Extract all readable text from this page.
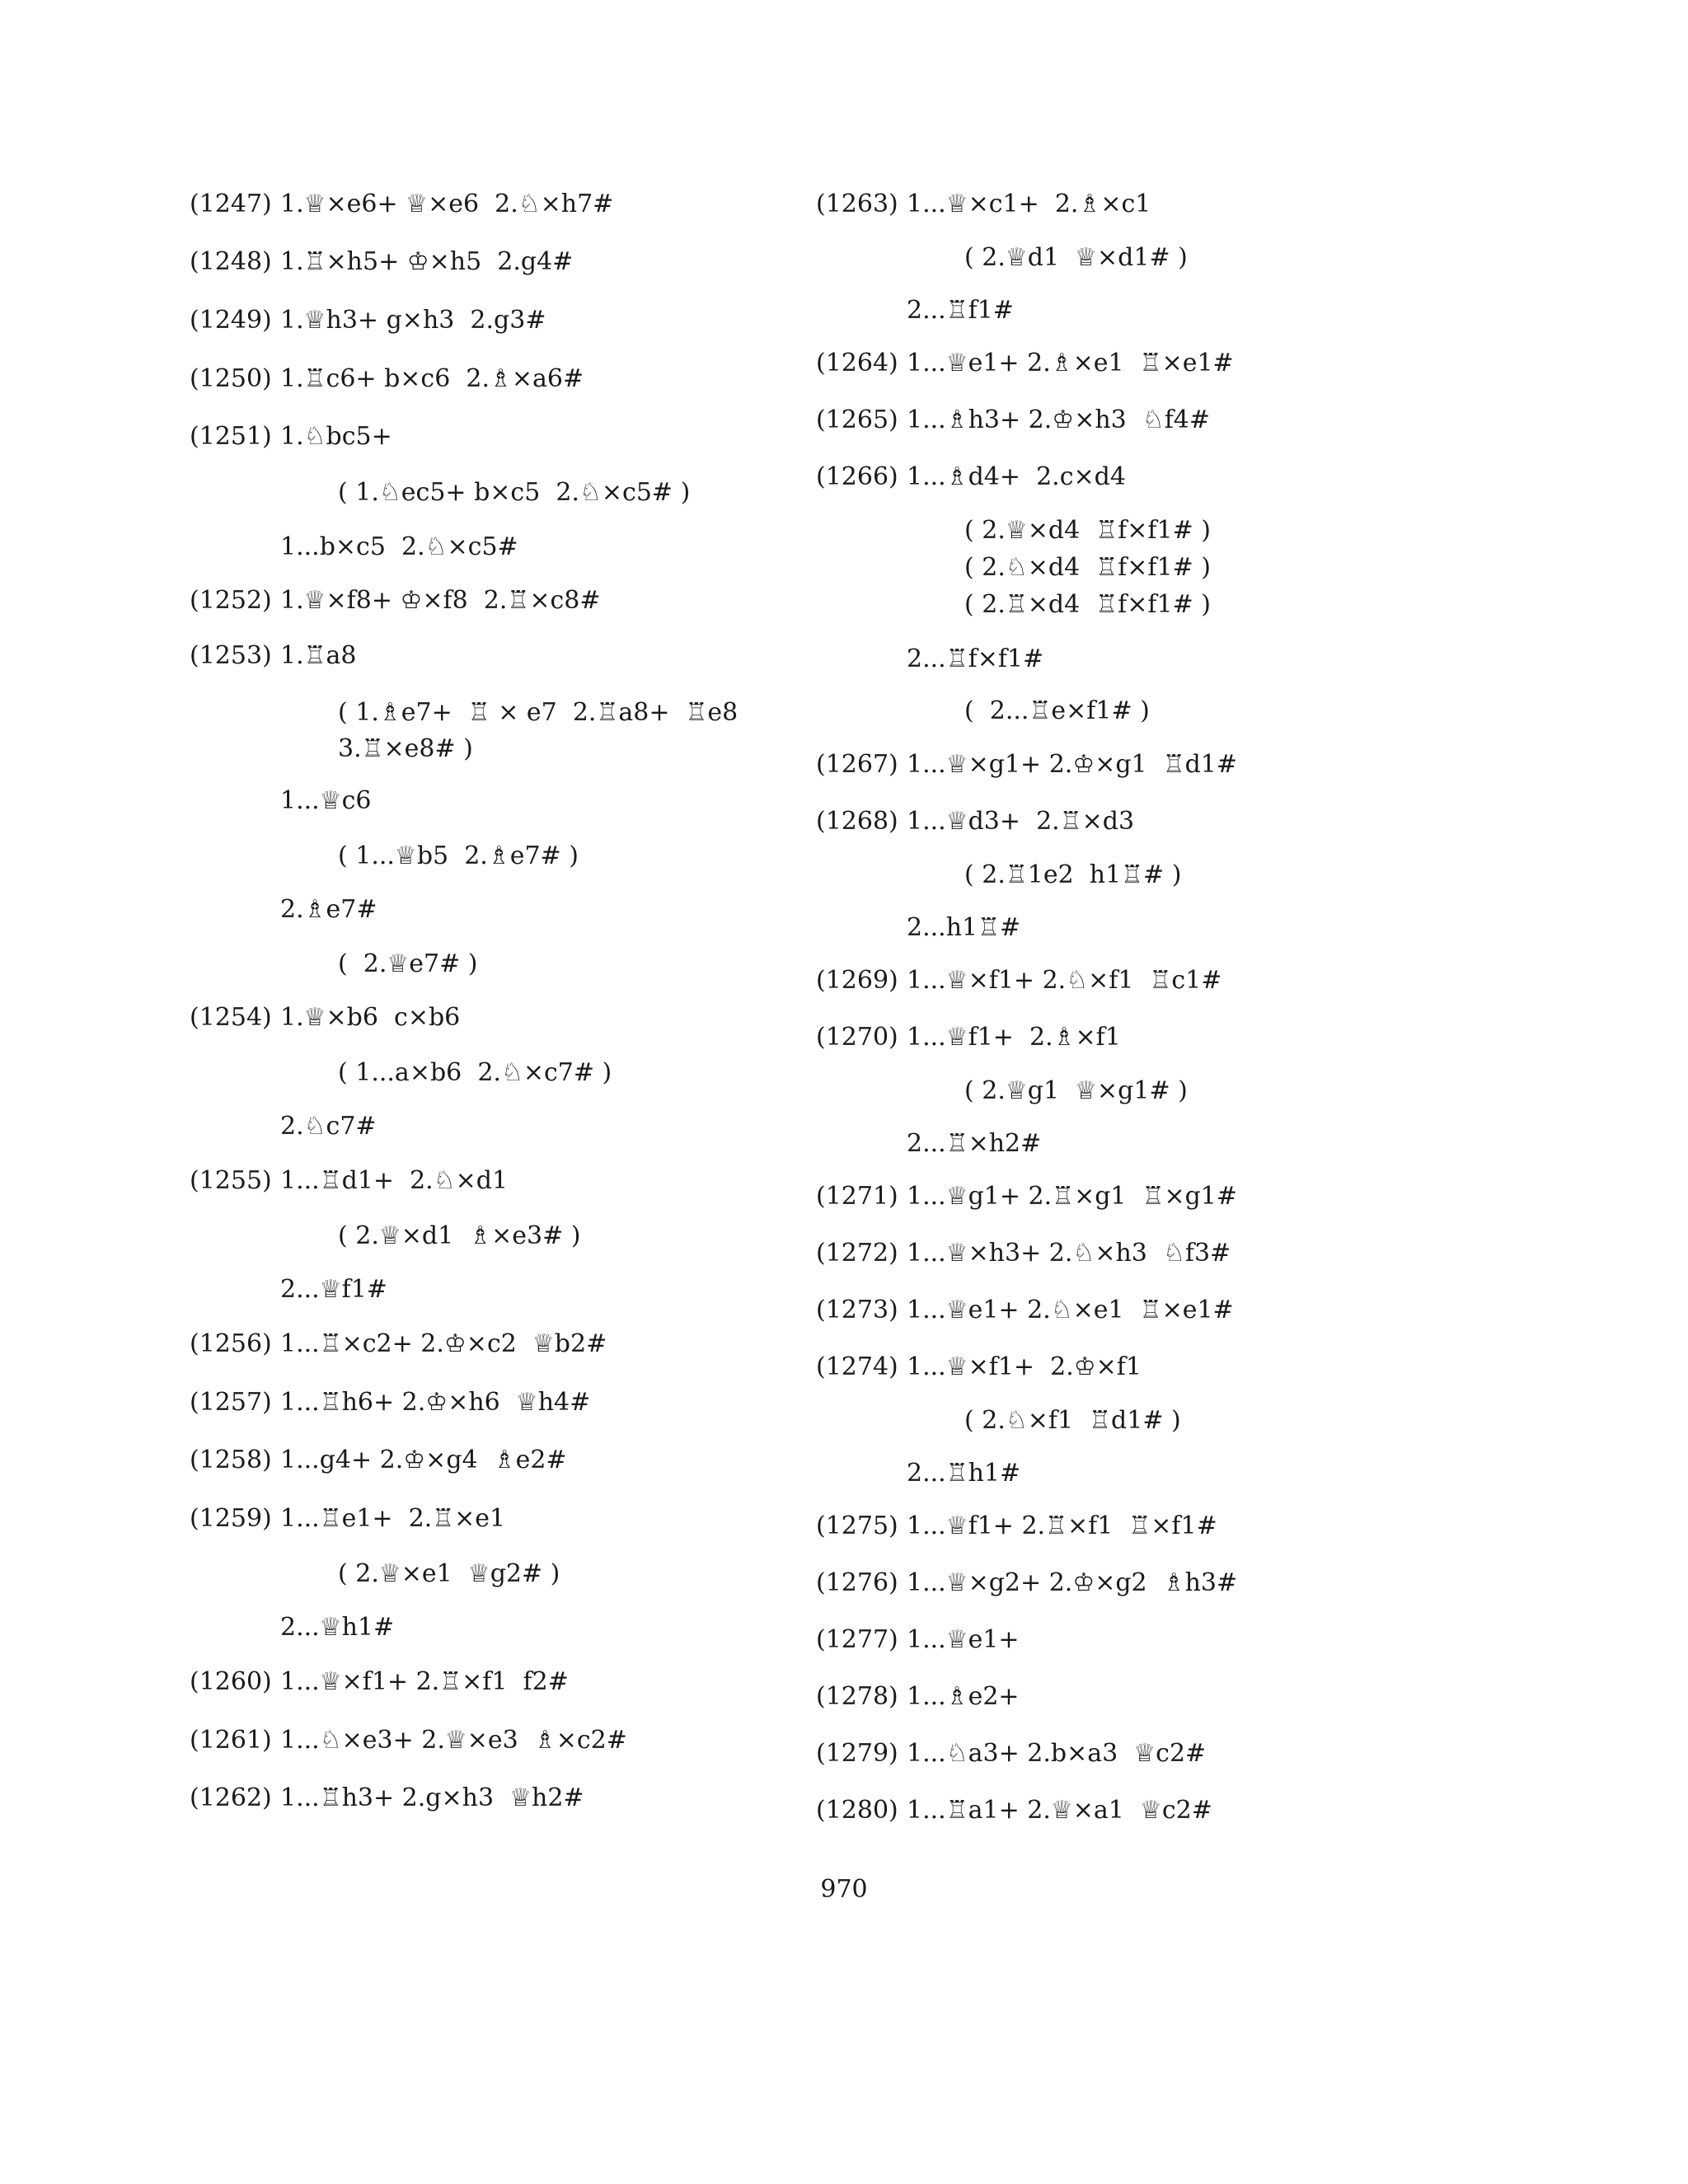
(1247) 1.♕×e6+ ♕×e6  2.♘×h7#
(1248) 1.♖×h5+ ♔×h5  2.g4#
(1249) 1.♕h3+ g×h3  2.g3#
(1250) 1.♖c6+ b×c6  2.♗×a6#
(1251) 1.♘bc5+
( 1.♘ec5+ b×c5  2.♘×c5# )
1...b×c5  2.♘×c5#
(1252) 1.♕×f8+ ♔×f8  2.♖×c8#
(1253) 1.♖a8
( 1.♗e7+  ♖ × e7  2.♖a8+  ♖e8
3.♖×e8# )
1...♕c6
( 1...♕b5  2.♗e7# )
2.♗e7#
(  2.♕e7# )
(1254) 1.♕×b6  c×b6
( 1...a×b6  2.♘×c7# )
2.♘c7#
(1255) 1...♖d1+  2.♘×d1
( 2.♕×d1  ♗×e3# )
2...♕f1#
(1256) 1...♖×c2+ 2.♔×c2  ♕b2#
(1257) 1...♖h6+ 2.♔×h6  ♕h4#
(1258) 1...g4+ 2.♔×g4  ♗e2#
(1259) 1...♖e1+  2.♖×e1
( 2.♕×e1  ♕g2# )
2...♕h1#
(1260) 1...♕×f1+ 2.♖×f1  f2#
(1261) 1...♘×e3+ 2.♕×e3  ♗×c2#
(1262) 1...♖h3+ 2.g×h3  ♕h2#
(1263) 1...♕×c1+  2.♗×c1
( 2.♕d1  ♕×d1# )
2...♖f1#
(1264) 1...♕e1+ 2.♗×e1  ♖×e1#
(1265) 1...♗h3+ 2.♔×h3  ♘f4#
(1266) 1...♗d4+  2.c×d4
( 2.♕×d4  ♖f×f1# )
( 2.♘×d4  ♖f×f1# )
( 2.♖×d4  ♖f×f1# )
2...♖f×f1#
(  2...♖e×f1# )
(1267) 1...♕×g1+ 2.♔×g1  ♖d1#
(1268) 1...♕d3+  2.♖×d3
( 2.♖1e2  h1♖# )
2...h1♖#
(1269) 1...♕×f1+ 2.♘×f1  ♖c1#
(1270) 1...♕f1+  2.♗×f1
( 2.♕g1  ♕×g1# )
2...♖×h2#
(1271) 1...♕g1+ 2.♖×g1  ♖×g1#
(1272) 1...♕×h3+ 2.♘×h3  ♘f3#
(1273) 1...♕e1+ 2.♘×e1  ♖×e1#
(1274) 1...♕×f1+  2.♔×f1
( 2.♘×f1  ♖d1# )
2...♖h1#
(1275) 1...♕f1+ 2.♖×f1  ♖×f1#
(1276) 1...♕×g2+ 2.♔×g2  ♗h3#
(1277) 1...♕e1+
(1278) 1...♗e2+
(1279) 1...♘a3+ 2.b×a3  ♕c2#
(1280) 1...♖a1+ 2.♕×a1  ♕c2#
970
